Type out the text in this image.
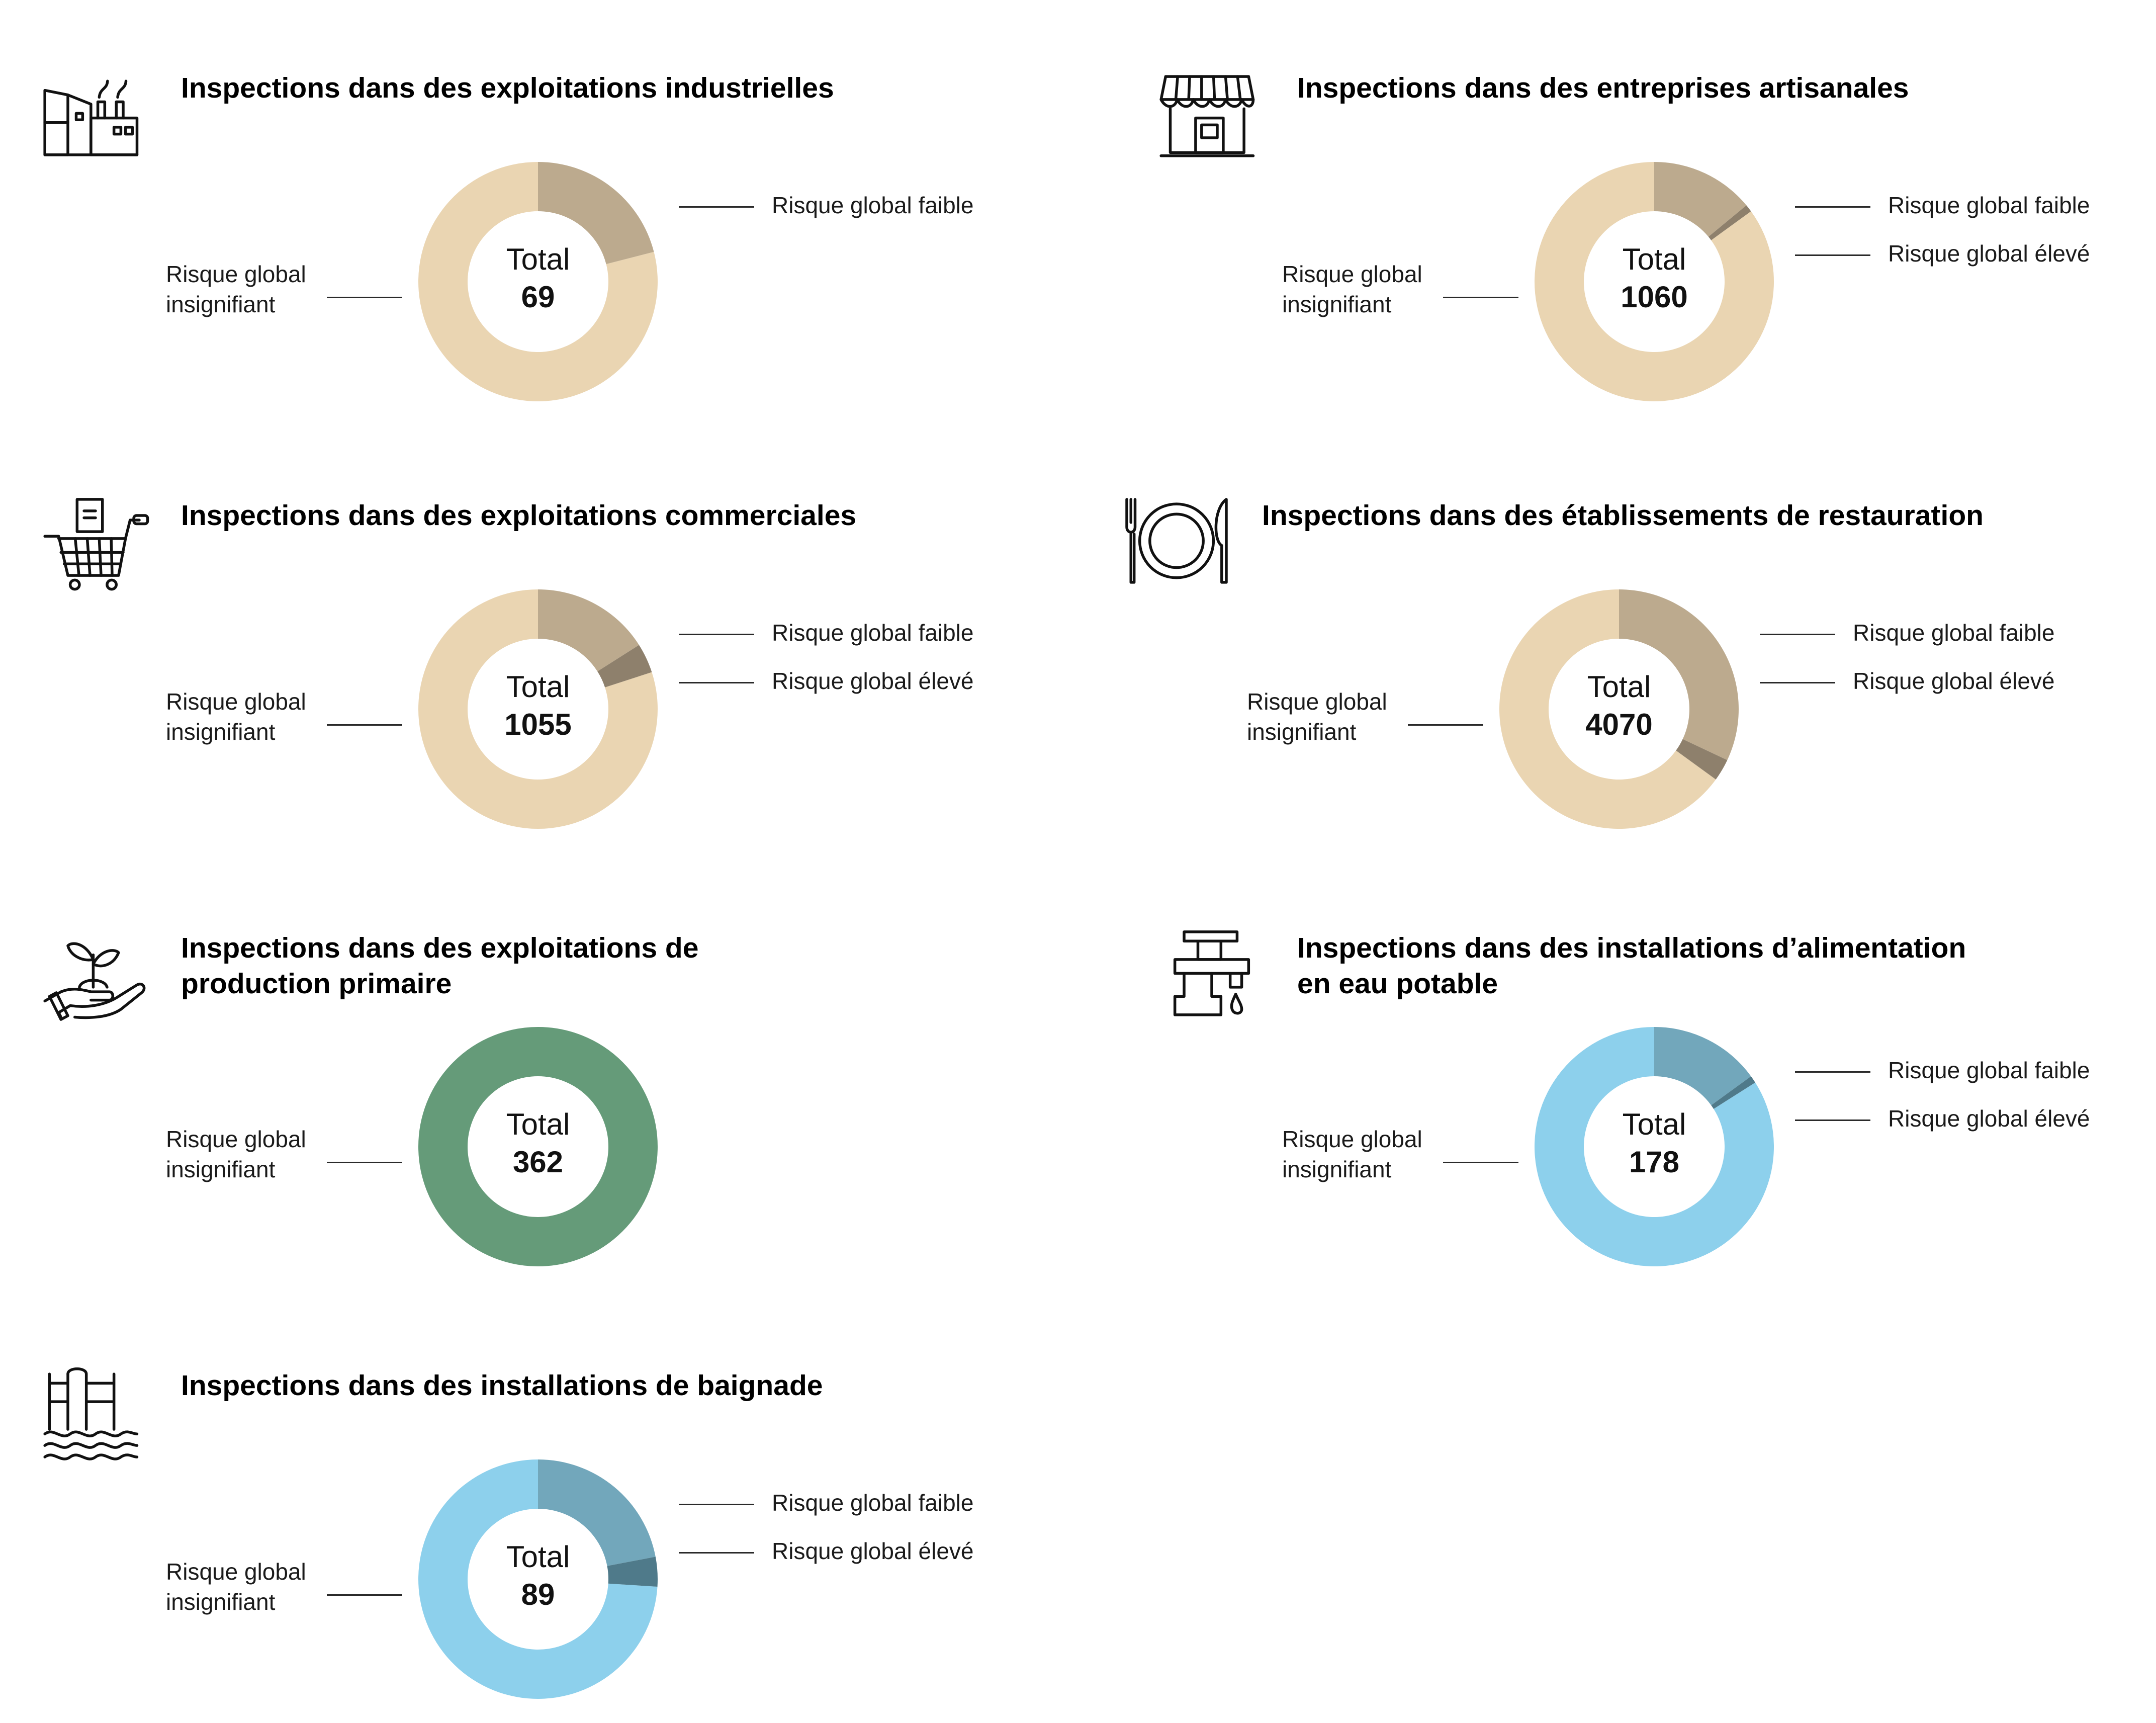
Inspections dans des exploitations industrielles
Total
69
Risque global insignifiant
Risque global faible
Inspections dans des entreprises artisanales
Total
1060
Risque global insignifiant
Risque global faible
Risque global élevé
Inspections dans des exploitations commerciales
Total
1055
Risque global insignifiant
Risque global faible
Risque global élevé
Inspections dans des établissements de restauration
Total
4070
Risque global insignifiant
Risque global faible
Risque global élevé
Inspections dans des exploitations de
production primaire
Total
362
Risque global insignifiant
Inspections dans des installations d’alimentation
en eau potable
Total
178
Risque global insignifiant
Risque global faible
Risque global élevé
Inspections dans des installations de baignade
Total
89
Risque global insignifiant
Risque global faible
Risque global élevé
